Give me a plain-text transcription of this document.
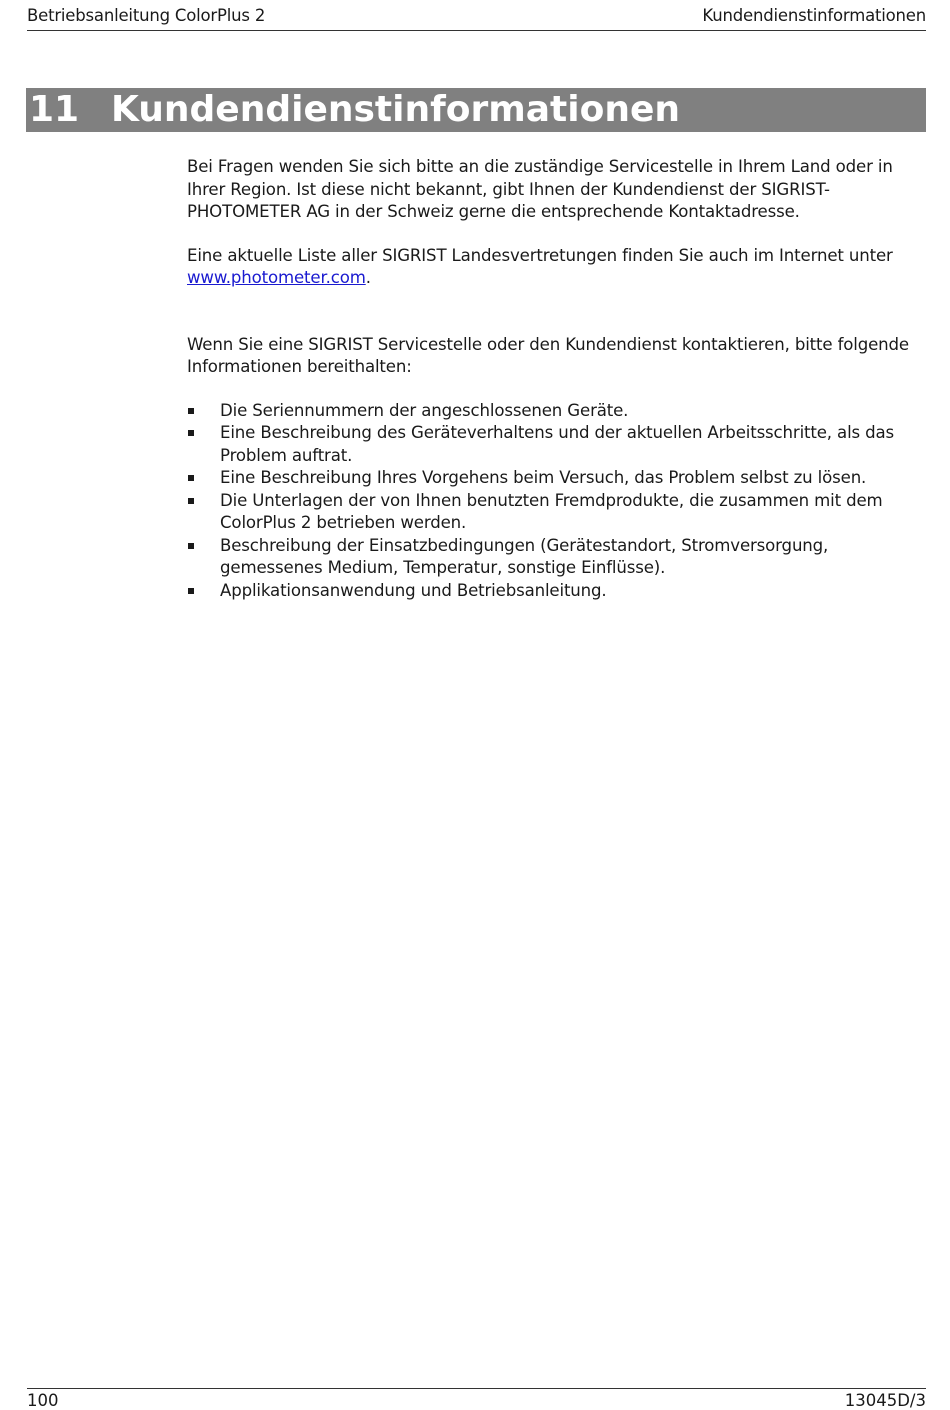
Betriebsanleitung ColorPlus 2	Kundendienstinformationen
11 Kundendienstinformationen

Bei Fragen wenden Sie sich bitte an die zuständige Servicestelle in Ihrem Land oder in Ihrer Region. Ist diese nicht bekannt, gibt Ihnen der Kundendienst der SIGRIST-PHOTOMETER AG in der Schweiz gerne die entsprechende Kontaktadresse.

Eine aktuelle Liste aller SIGRIST Landesvertretungen finden Sie auch im Internet unter www.photometer.com.

Wenn Sie eine SIGRIST Servicestelle oder den Kundendienst kontaktieren, bitte folgende Informationen bereithalten:

Die Seriennummern der angeschlossenen Geräte.
Eine Beschreibung des Geräteverhaltens und der aktuellen Arbeitsschritte, als das Problem auftrat.
Eine Beschreibung Ihres Vorgehens beim Versuch, das Problem selbst zu lösen.
Die Unterlagen der von Ihnen benutzten Fremdprodukte, die zusammen mit dem ColorPlus 2 betrieben werden.
Beschreibung der Einsatzbedingungen (Gerätestandort, Stromversorgung, gemessenes Medium, Temperatur, sonstige Einflüsse).
Applikationsanwendung und Betriebsanleitung.
100	13045D/3
